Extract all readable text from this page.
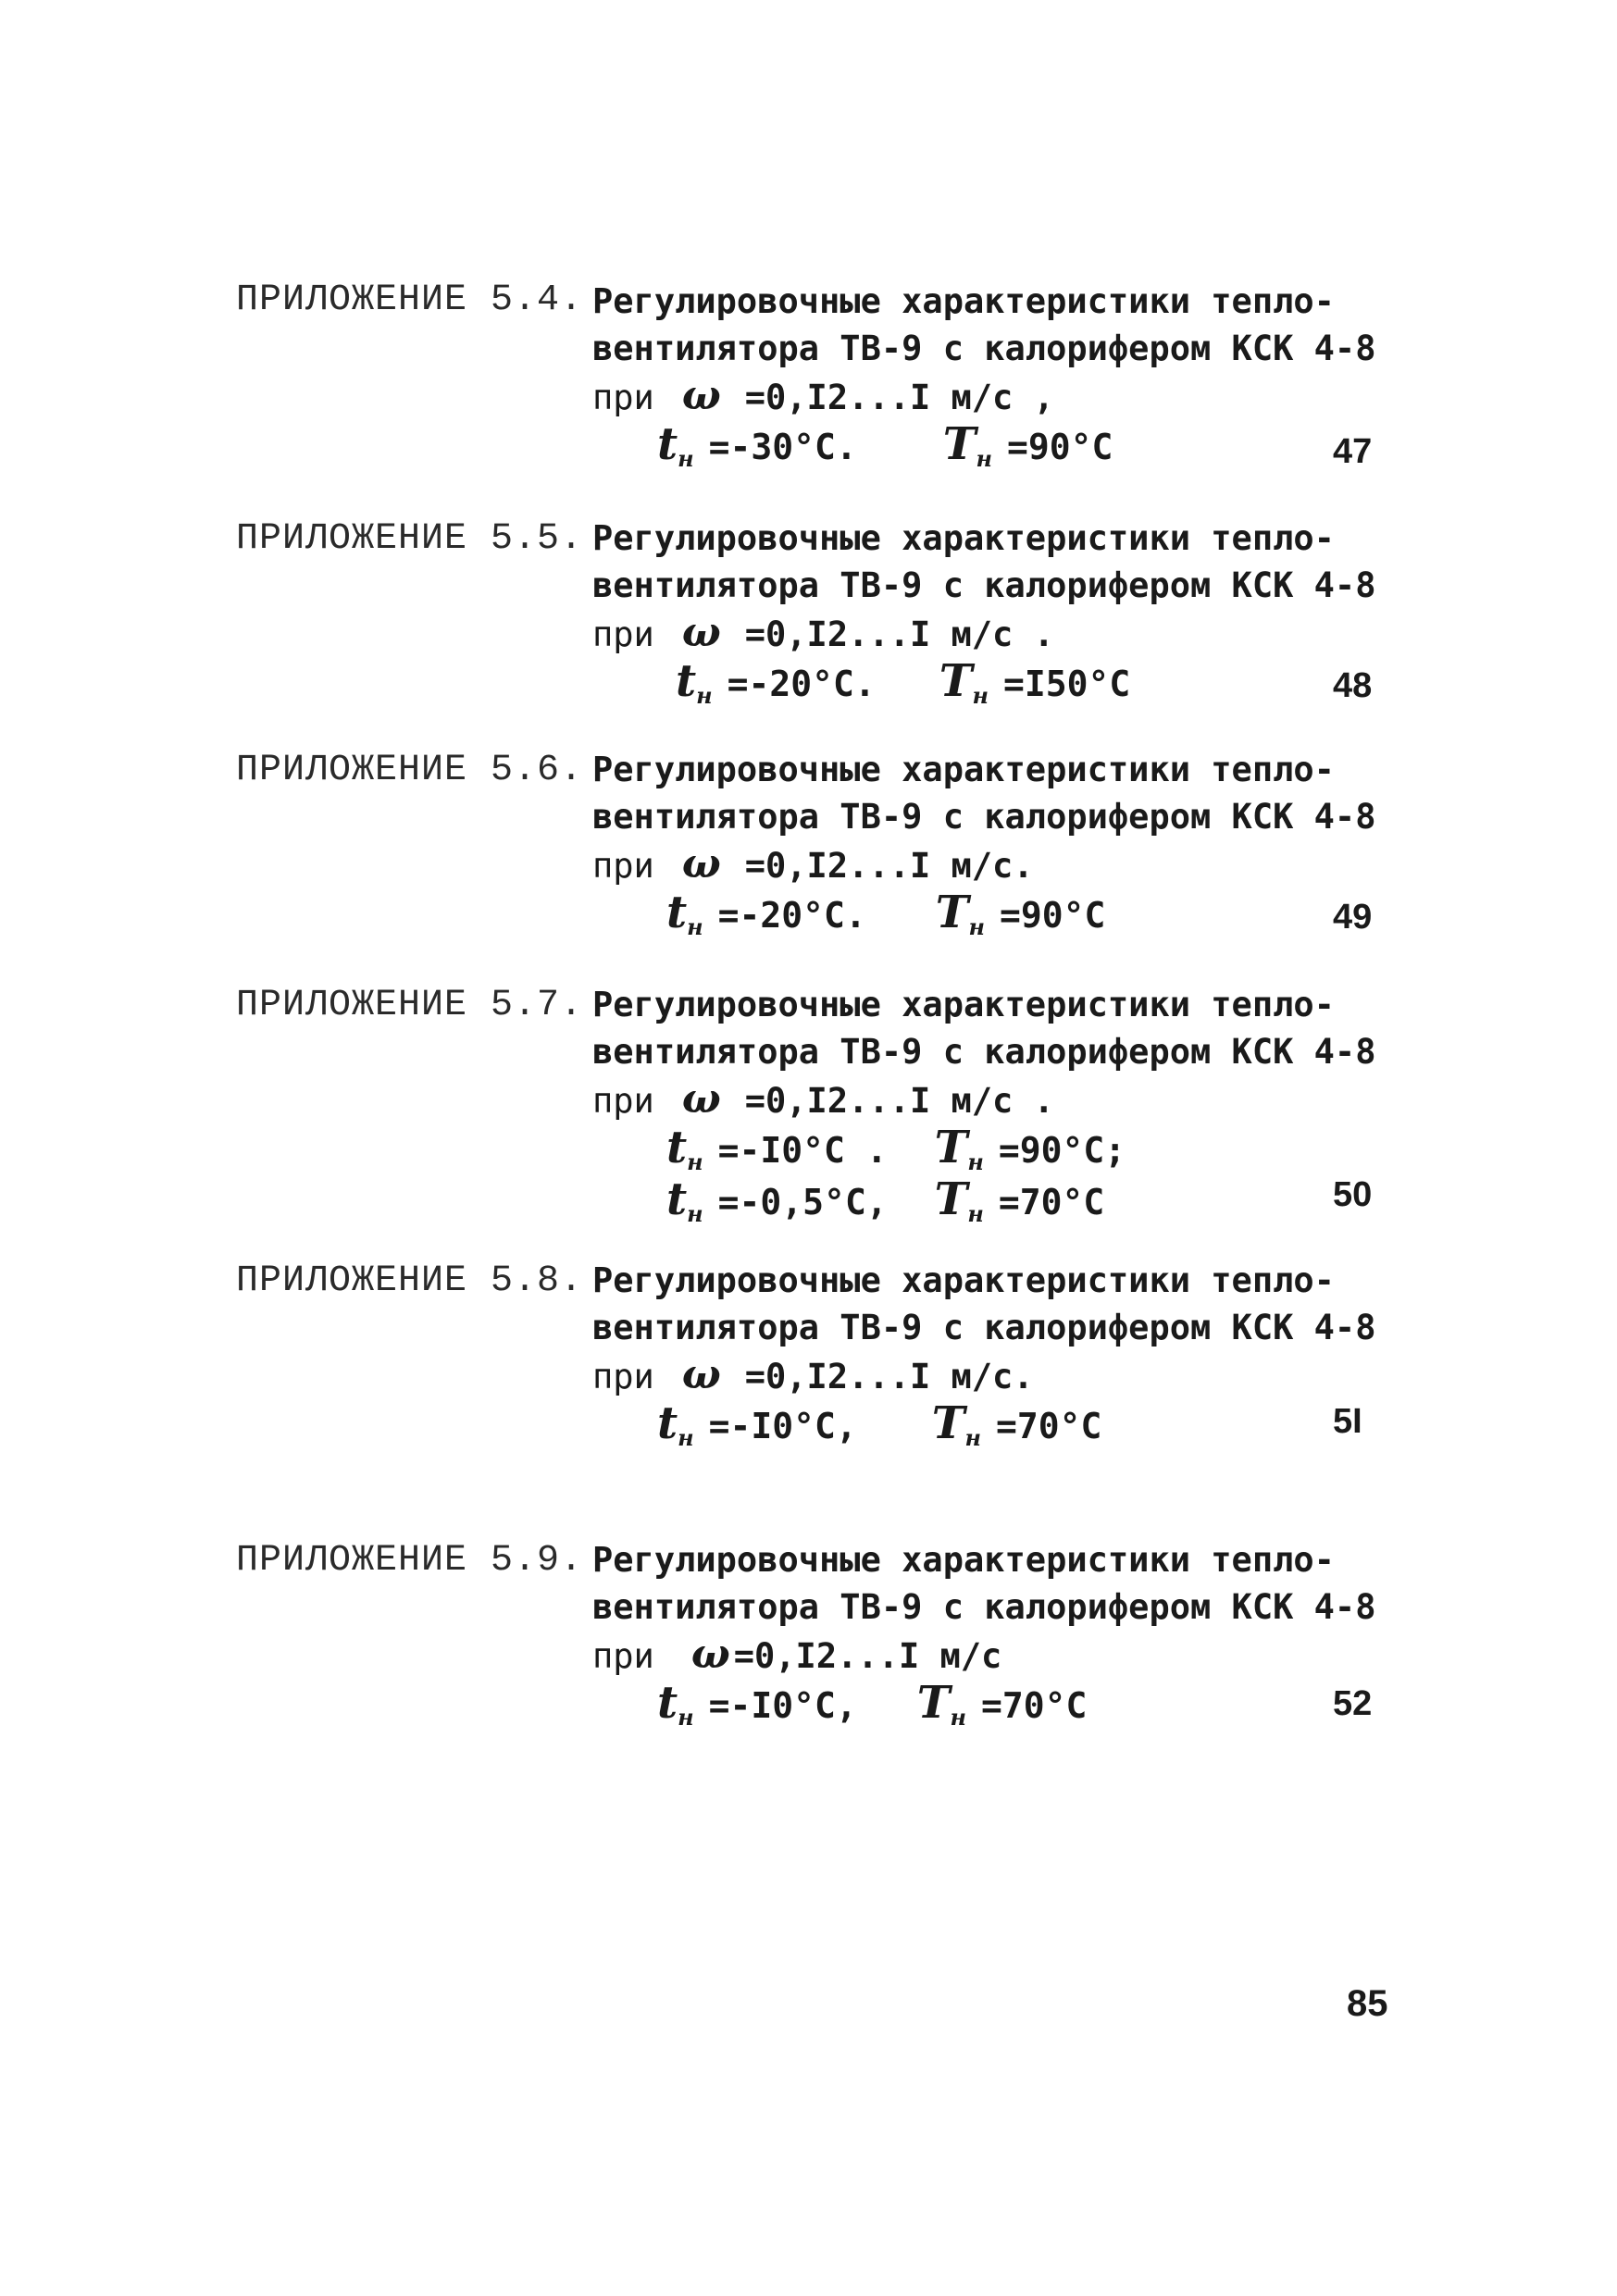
ПРИЛОЖЕНИЕ 5.4. Регулировочные характеристики тепло-
вентилятора ТВ-9 с калорифером КСК 4-8
при ω =0,I2...I м/с ,
$t_н =-30^\circ С$. $T_н =90^\circ С$	47
ПРИЛОЖЕНИЕ 5.5. Регулировочные характеристики тепло-
вентилятора ТВ-9 с калорифером КСК 4-8
при ω =0,I2...I м/с .
$t_н =-20^\circ С$. $T_н =I50^\circ С$	48
ПРИЛОЖЕНИЕ 5.6. Регулировочные характеристики тепло-
вентилятора ТВ-9 с калорифером КСК 4-8
при ω =0,I2...I м/с.
$t_н =-20^\circ С$. $T_н =90^\circ С$	49
ПРИЛОЖЕНИЕ 5.7. Регулировочные характеристики тепло-
вентилятора ТВ-9 с калорифером КСК 4-8
при ω =0,I2...I м/с .
$t_н =-I0^\circ С$ . $T_н =90^\circ С$;
$t_н =-0,5^\circ С$, $T_н =70^\circ С$	50
ПРИЛОЖЕНИЕ 5.8. Регулировочные характеристики тепло-
вентилятора ТВ-9 с калорифером КСК 4-8
при ω =0,I2...I м/с.
$t_н =-I0^\circ С$, $T_н =70^\circ С$	5I
ПРИЛОЖЕНИЕ 5.9. Регулировочные характеристики тепло-
вентилятора ТВ-9 с калорифером КСК 4-8
при ω =0,I2...I м/с
$t_н =-I0^\circ С$, $T_н =70^\circ С$	52
85
